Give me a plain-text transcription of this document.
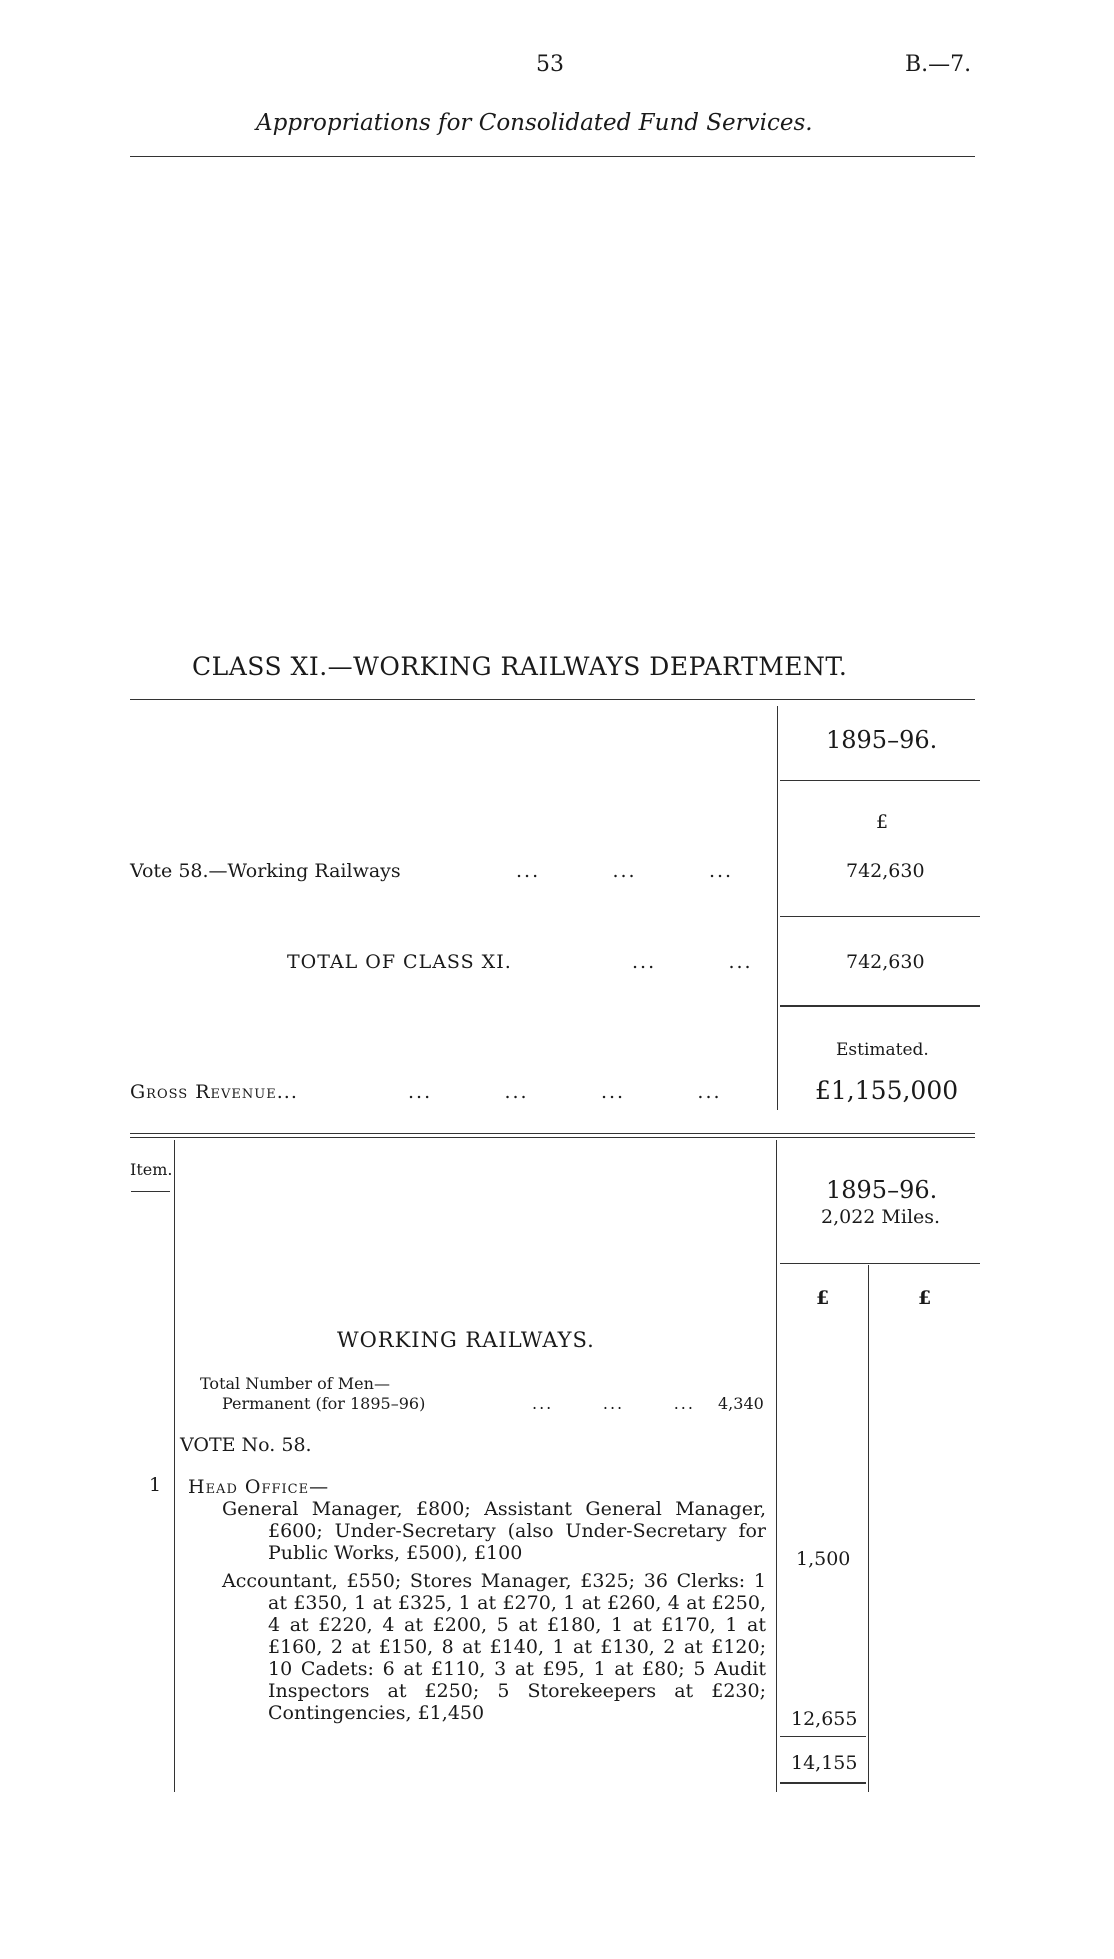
53	B.—7.
Appropriations for Consolidated Fund Services.
CLASS XI.—WORKING RAILWAYS DEPARTMENT.
1895–96.
£
Vote 58.—Working Railways	...         ...         ...	742,630
TOTAL OF CLASS XI.	...         ...	742,630
Estimated.
Gross Revenue...	...         ...         ...         ...	£1,155,000
Item.
1895–96.
2,022 Miles.
£	£
WORKING RAILWAYS.
Total Number of Men—
Permanent (for 1895–96)	...       ...       ... 4,340
VOTE No. 58.
1 Head Office—
General Manager, £800; Assistant General Manager, £600; Under-Secretary (also Under-Secretary for Public Works, £500), £100	1,500
Accountant, £550; Stores Manager, £325; 36 Clerks: 1 at £350, 1 at £325, 1 at £270, 1 at £260, 4 at £250, 4 at £220, 4 at £200, 5 at £180, 1 at £170, 1 at £160, 2 at £150, 8 at £140, 1 at £130, 2 at £120; 10 Cadets: 6 at £110, 3 at £95, 1 at £80; 5 Audit Inspectors at £250; 5 Storekeepers at £230; Contingencies, £1,450	12,655
14,155
